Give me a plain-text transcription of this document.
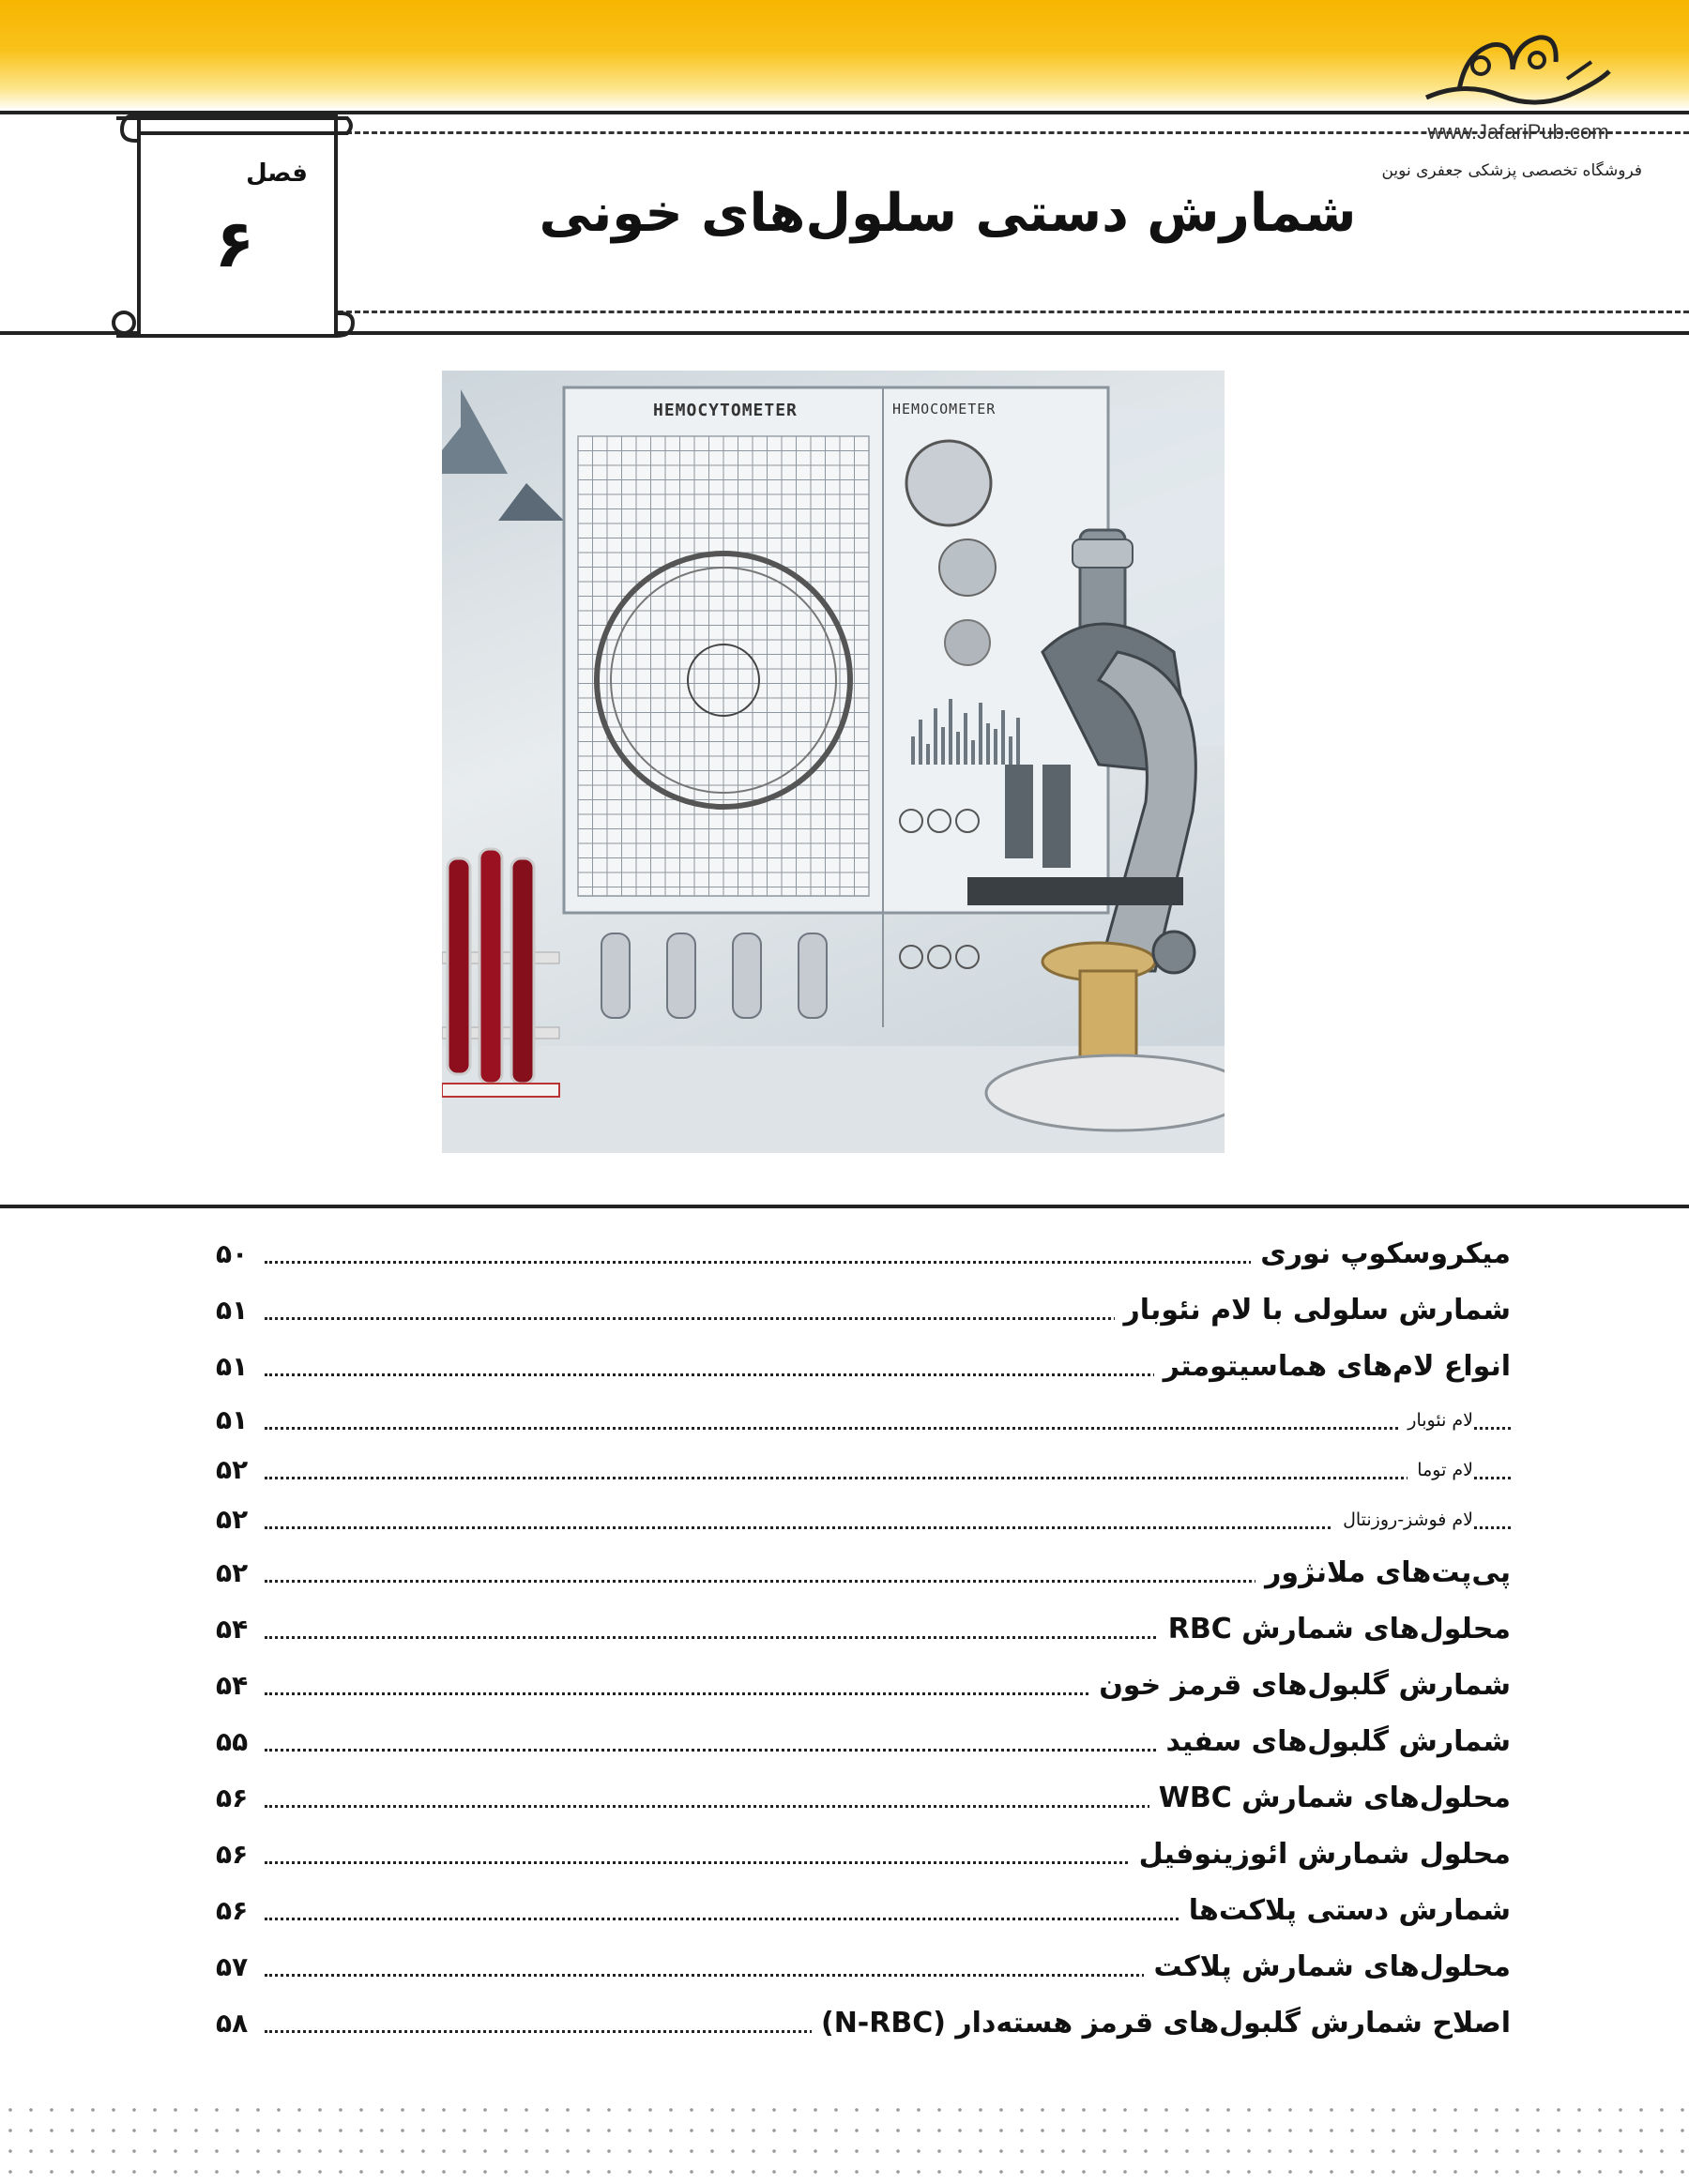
www.JafariPub.com
فروشگاه تخصصی پزشکی جعفری نوین
فصل
۶	شمارش دستی سلول‌های خونی
HEMOCYTOMETER	HEMOCOMETER
میکروسکوپ نوری
۵۰
شمارش سلولی با لام نئوبار
۵۱
انواع لام‌های هماسیتومتر
۵۱
لام نئوبار
۵۱
لام توما
۵۲
لام فوشز-روزنتال
۵۲
پی‌پت‌های ملانژور
۵۲
محلول‌های شمارش RBC
۵۴
شمارش گلبول‌های قرمز خون
۵۴
شمارش گلبول‌های سفید
۵۵
محلول‌های شمارش WBC
۵۶
محلول شمارش ائوزینوفیل
۵۶
شمارش دستی پلاکت‌ها
۵۶
محلول‌های شمارش پلاکت
۵۷
اصلاح شمارش گلبول‌های قرمز هسته‌دار (N-RBC)
۵۸
